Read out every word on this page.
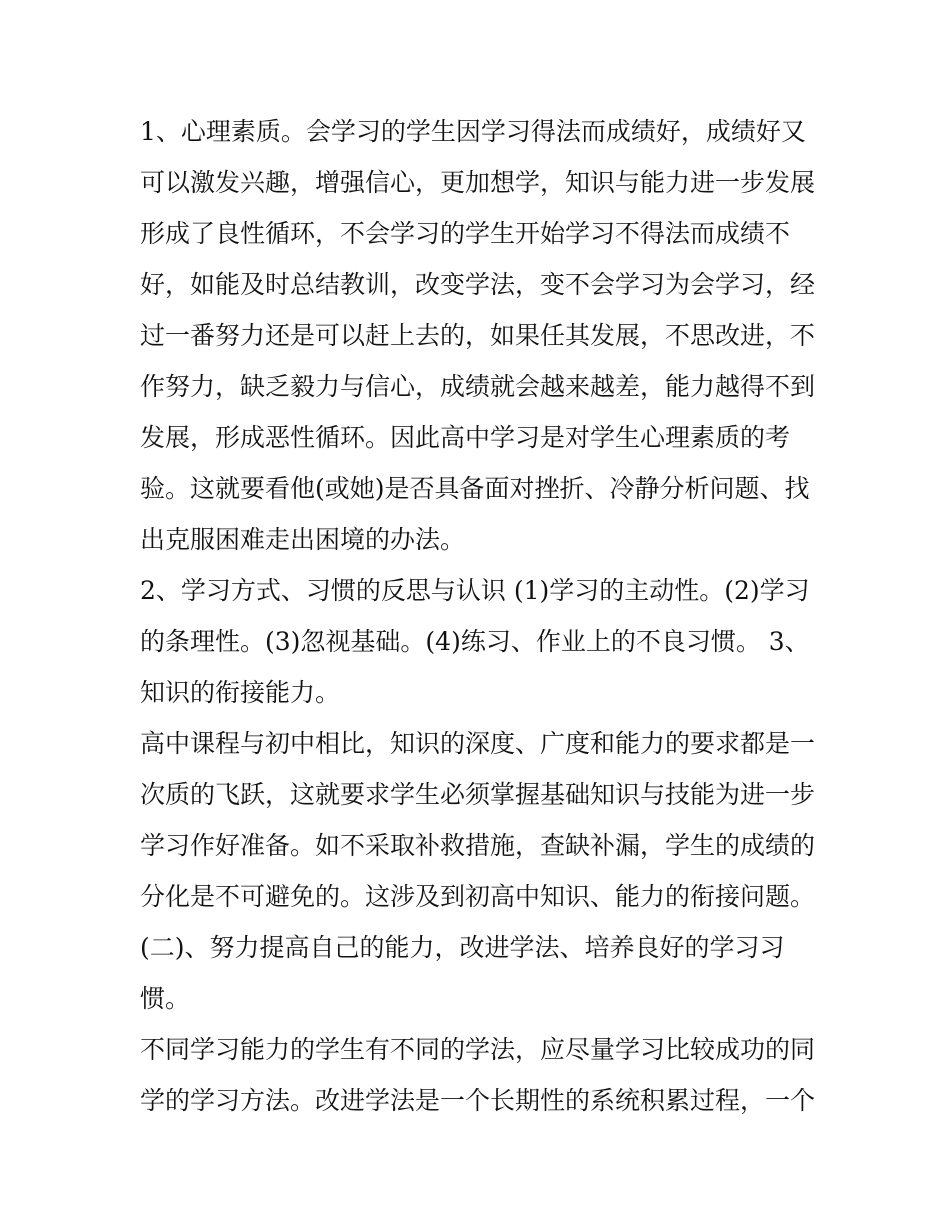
1、心理素质。会学习的学生因学习得法而成绩好，成绩好又
可以激发兴趣，增强信心，更加想学，知识与能力进一步发展
形成了良性循环，不会学习的学生开始学习不得法而成绩不
好，如能及时总结教训，改变学法，变不会学习为会学习，经
过一番努力还是可以赶上去的，如果任其发展，不思改进，不
作努力，缺乏毅力与信心，成绩就会越来越差，能力越得不到
发展，形成恶性循环。因此高中学习是对学生心理素质的考
验。这就要看他(或她)是否具备面对挫折、冷静分析问题、找
出克服困难走出困境的办法。
2、学习方式、习惯的反思与认识 (1)学习的主动性。(2)学习
的条理性。(3)忽视基础。(4)练习、作业上的不良习惯。 3、
知识的衔接能力。
高中课程与初中相比，知识的深度、广度和能力的要求都是一
次质的飞跃，这就要求学生必须掌握基础知识与技能为进一步
学习作好准备。如不采取补救措施，查缺补漏，学生的成绩的
分化是不可避免的。这涉及到初高中知识、能力的衔接问题。
(二)、努力提高自己的能力，改进学法、培养良好的学习习
惯。
不同学习能力的学生有不同的学法，应尽量学习比较成功的同
学的学习方法。改进学法是一个长期性的系统积累过程，一个
